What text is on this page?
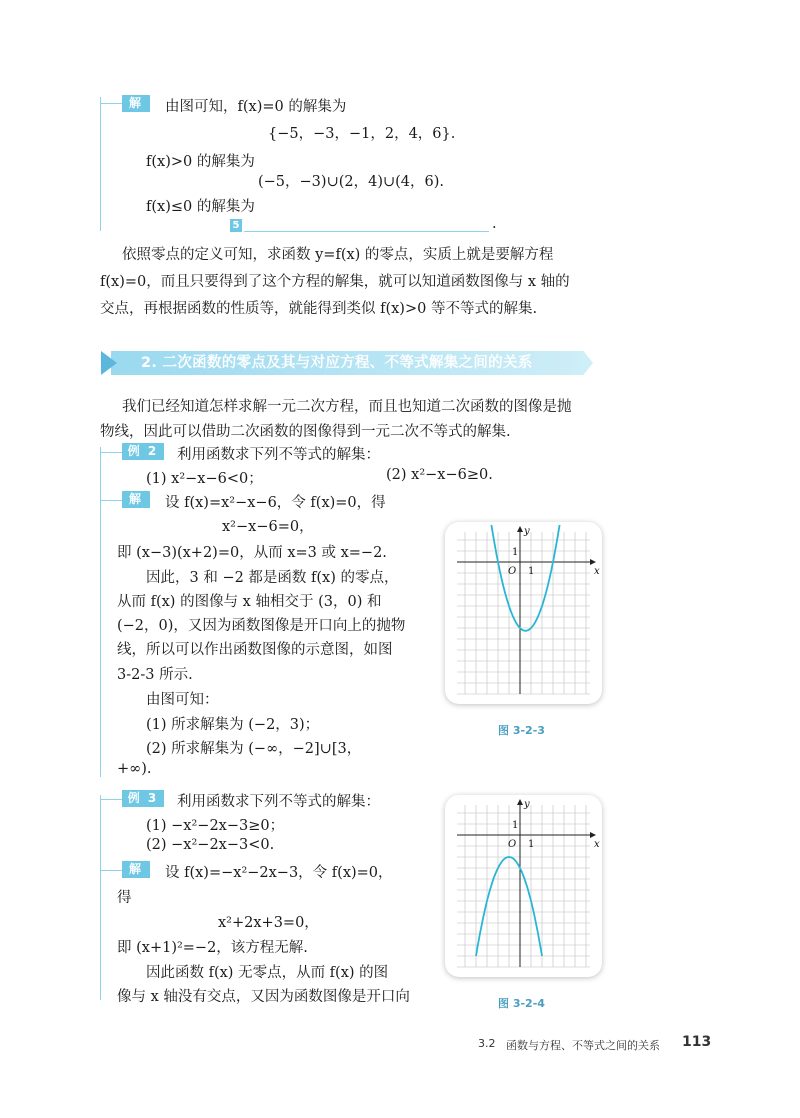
解	由图可知，f(x)=0 的解集为
{−5，−3，−1，2，4，6}.
f(x)>0 的解集为
(−5，−3)∪(2，4)∪(4，6).
f(x)≤0 的解集为
5	.
依照零点的定义可知，求函数 y=f(x) 的零点，实质上就是要解方程
f(x)=0，而且只要得到了这个方程的解集，就可以知道函数图像与 x 轴的
交点，再根据函数的性质等，就能得到类似 f(x)>0 等不等式的解集.
2. 二次函数的零点及其与对应方程、不等式解集之间的关系
我们已经知道怎样求解一元二次方程，而且也知道二次函数的图像是抛
物线，因此可以借助二次函数的图像得到一元二次不等式的解集.
例 2	利用函数求下列不等式的解集：
(1) x²−x−6<0；	(2) x²−x−6≥0.
解	设 f(x)=x²−x−6，令 f(x)=0，得
x²−x−6=0，
即 (x−3)(x+2)=0，从而 x=3 或 x=−2.
因此，3 和 −2 都是函数 f(x) 的零点，
从而 f(x) 的图像与 x 轴相交于 (3，0) 和
(−2，0)，又因为函数图像是开口向上的抛物
线，所以可以作出函数图像的示意图，如图
3-2-3 所示.
由图可知：
(1) 所求解集为 (−2，3)；
(2) 所求解集为 (−∞，−2]∪[3，
+∞).
x
y
O 1
1
图 3-2-3
例 3	利用函数求下列不等式的解集：
(1) −x²−2x−3≥0；
(2) −x²−2x−3<0.
解	设 f(x)=−x²−2x−3，令 f(x)=0，
得
x²+2x+3=0，
即 (x+1)²=−2，该方程无解.
因此函数 f(x) 无零点，从而 f(x) 的图
像与 x 轴没有交点，又因为函数图像是开口向
x
y
O 1
1
图 3-2-4
3.2 函数与方程、不等式之间的关系 113
